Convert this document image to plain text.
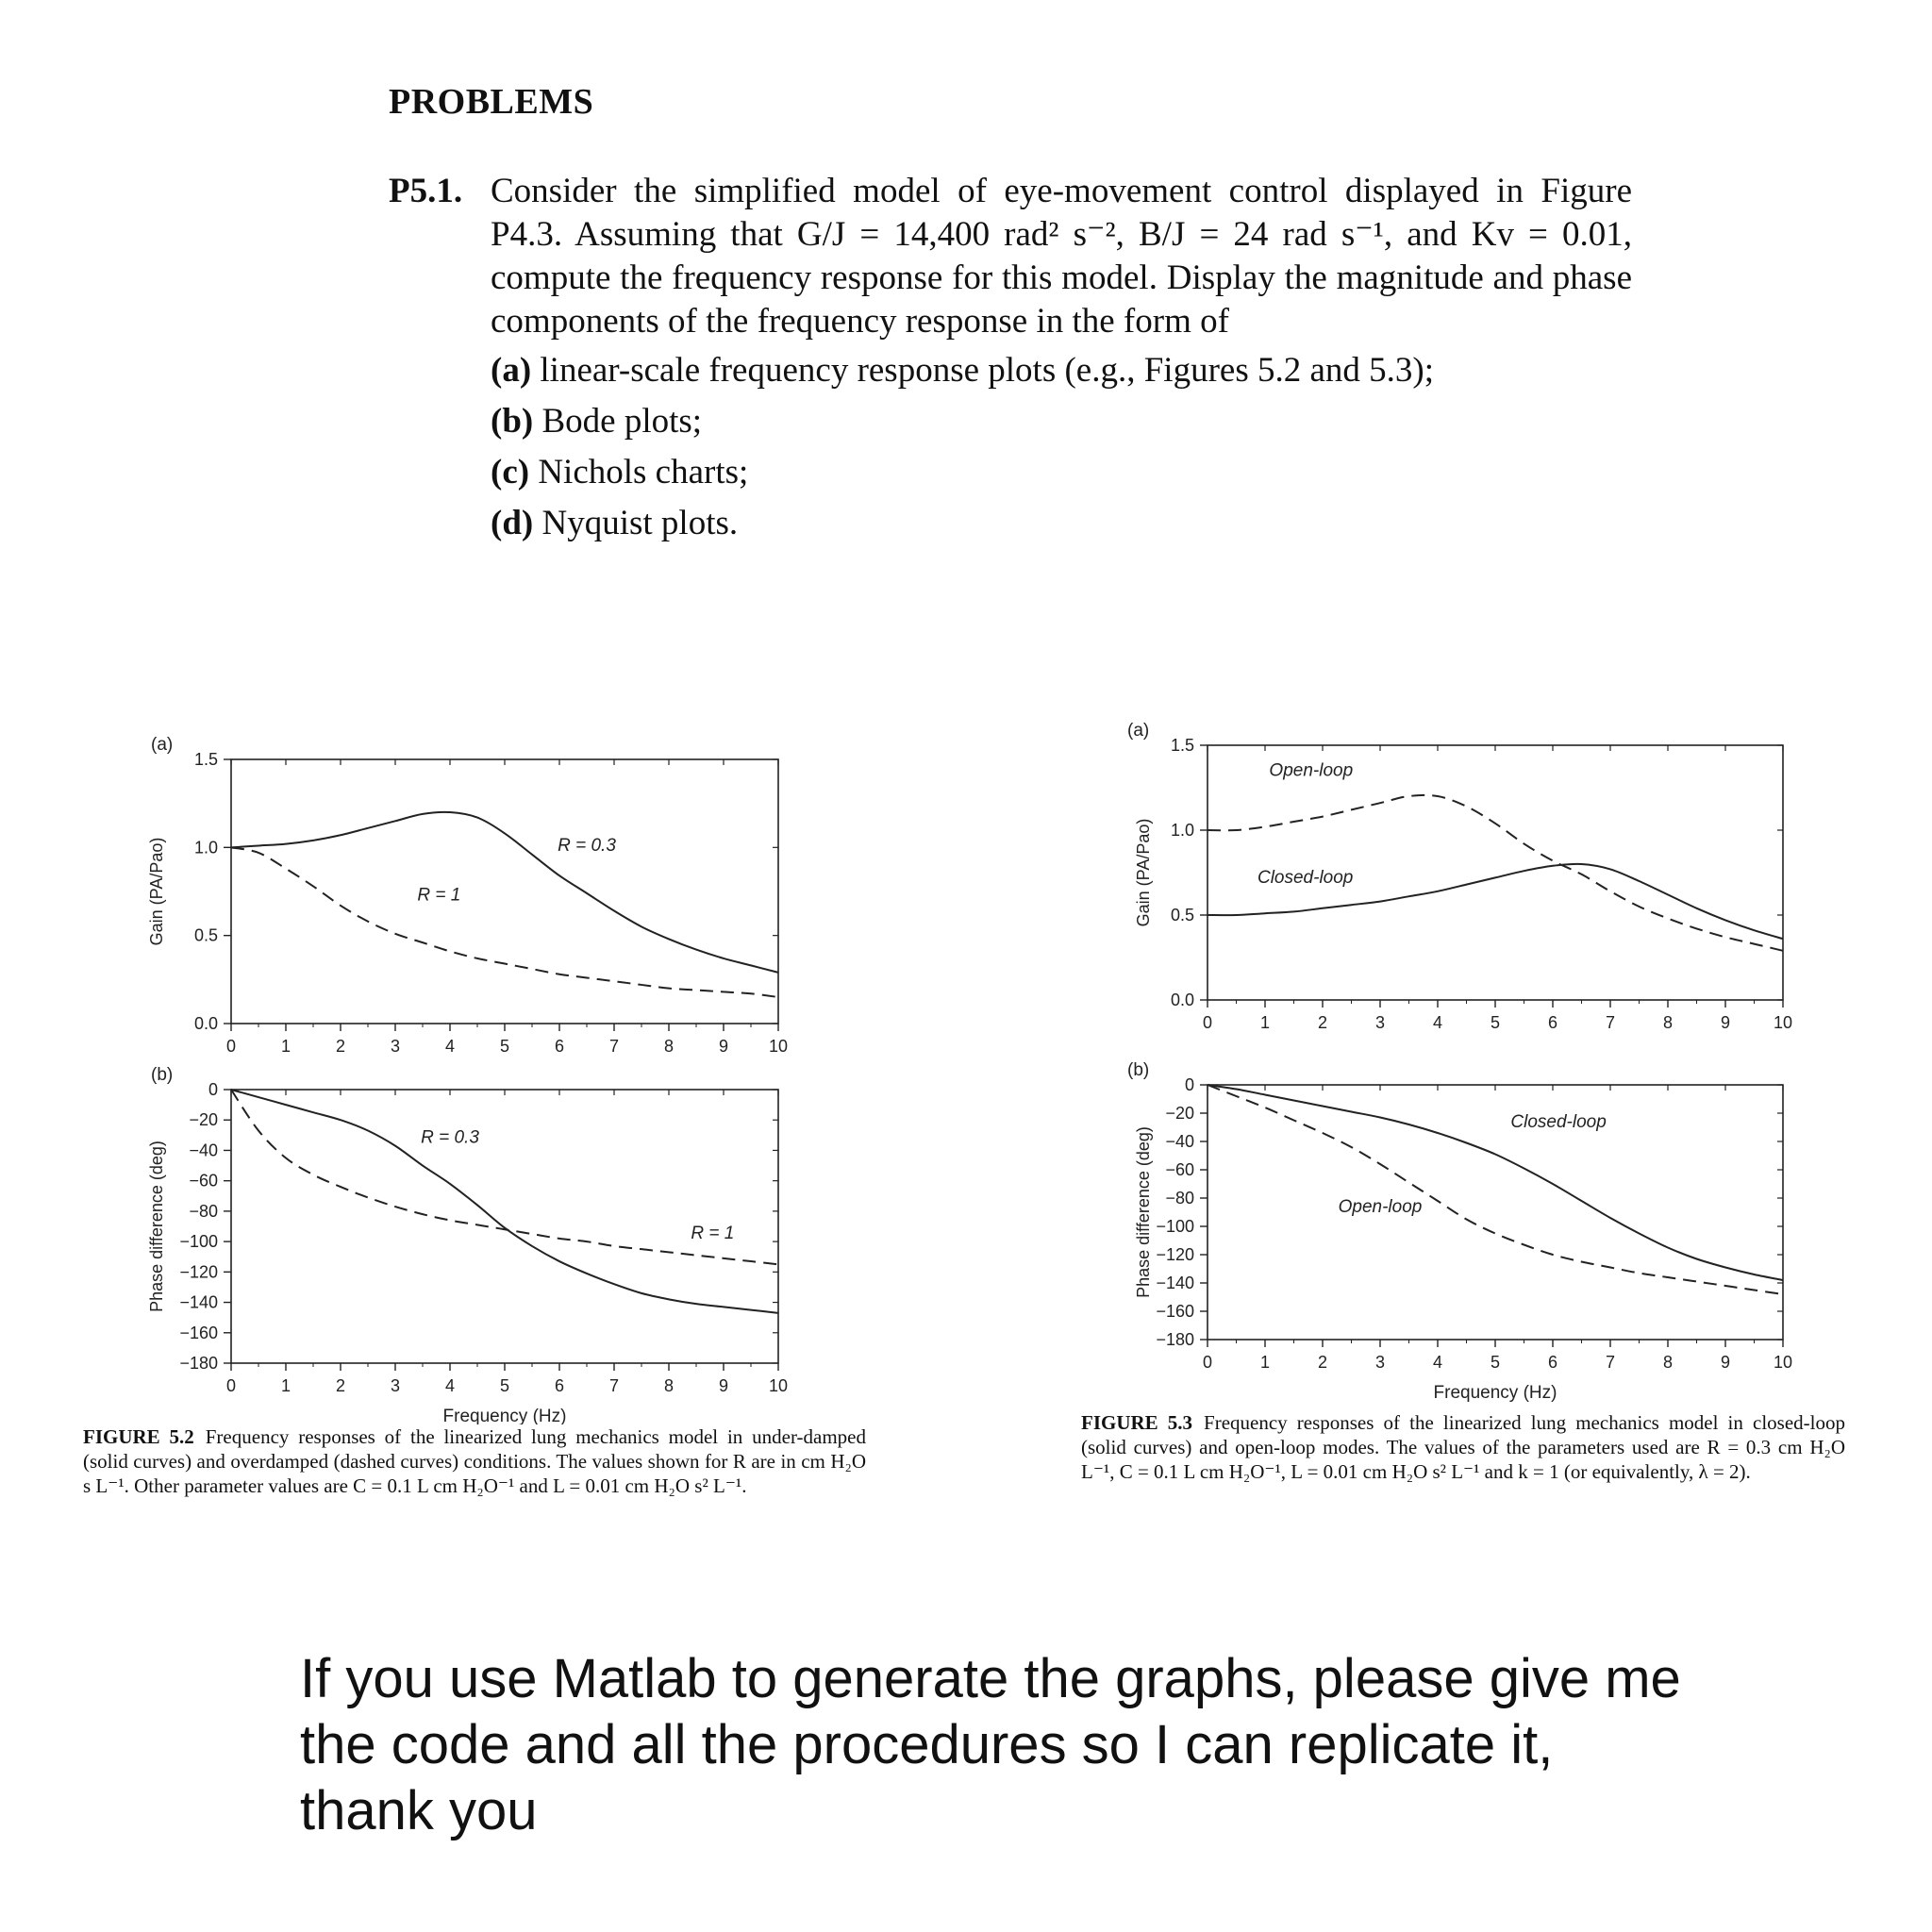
PROBLEMS
P5.1. Consider the simplified model of eye-movement control displayed in Figure P4.3. Assuming that G/J = 14,400 rad² s⁻², B/J = 24 rad s⁻¹, and Kv = 0.01, compute the frequency response for this model. Display the magnitude and phase components of the frequency response in the form of
(a) linear-scale frequency response plots (e.g., Figures 5.2 and 5.3);
(b) Bode plots;
(c) Nichols charts;
(d) Nyquist plots.
(a)
0	1	2	3	4	5	6	7	8	9 10
0.0
0.5
1.0
1.5
Gain (PA/Pao)	R = 0.3
R = 1
(b)
0	1	2	3	4	5	6	7	8	9 10
0
−20
−40
−60
−80
−100
−120
−140
−160
−180
Phase difference (deg)
Frequency (Hz)
R = 0.3
R = 1
FIGURE 5.2 Frequency responses of the linearized lung mechanics model in under-damped (solid curves) and overdamped (dashed curves) conditions. The values shown for R are in cm H₂O s L⁻¹. Other parameter values are C = 0.1 L cm H₂O⁻¹ and L = 0.01 cm H₂O s² L⁻¹.
(a)
0	1	2	3	4	5	6	7	8	9	10
0.0
0.5
1.0
1.5
Gain (PA/Pao)
Open-loop
Closed-loop
(b)
0	1	2	3	4	5	6	7	8	9	10
0
−20
−40
−60
−80
−100
−120
−140
−160
−180
Phase difference (deg)
Frequency (Hz)
Closed-loop
Open-loop
FIGURE 5.3 Frequency responses of the linearized lung mechanics model in closed-loop (solid curves) and open-loop modes. The values of the parameters used are R = 0.3 cm H₂O L⁻¹, C = 0.1 L cm H₂O⁻¹, L = 0.01 cm H₂O s² L⁻¹ and k = 1 (or equivalently, λ = 2).
If you use Matlab to generate the graphs, please give me the code and all the procedures so I can replicate it, thank you
